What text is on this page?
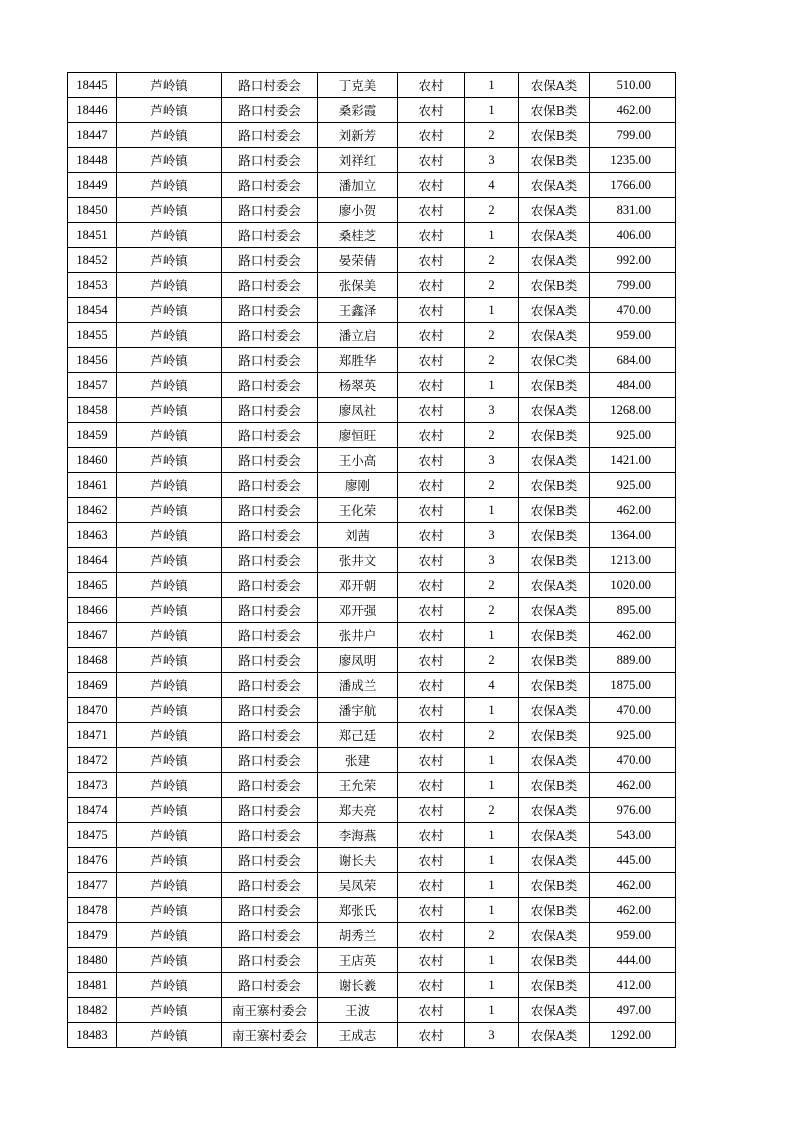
18445	芦岭镇	路口村委会	丁克美	农村	1	农保A类	510.00
18446	芦岭镇	路口村委会	桑彩霞	农村	1	农保B类	462.00
18447	芦岭镇	路口村委会	刘新芳	农村	2	农保B类	799.00
18448	芦岭镇	路口村委会	刘祥红	农村	3	农保B类	1235.00
18449	芦岭镇	路口村委会	潘加立	农村	4	农保A类	1766.00
18450	芦岭镇	路口村委会	廖小贺	农村	2	农保A类	831.00
18451	芦岭镇	路口村委会	桑桂芝	农村	1	农保A类	406.00
18452	芦岭镇	路口村委会	晏荣倩	农村	2	农保A类	992.00
18453	芦岭镇	路口村委会	张保美	农村	2	农保B类	799.00
18454	芦岭镇	路口村委会	王鑫泽	农村	1	农保A类	470.00
18455	芦岭镇	路口村委会	潘立启	农村	2	农保A类	959.00
18456	芦岭镇	路口村委会	郑胜华	农村	2	农保C类	684.00
18457	芦岭镇	路口村委会	杨翠英	农村	1	农保B类	484.00
18458	芦岭镇	路口村委会	廖凤社	农村	3	农保A类	1268.00
18459	芦岭镇	路口村委会	廖恒旺	农村	2	农保B类	925.00
18460	芦岭镇	路口村委会	王小高	农村	3	农保A类	1421.00
18461	芦岭镇	路口村委会	廖刚	农村	2	农保B类	925.00
18462	芦岭镇	路口村委会	王化荣	农村	1	农保B类	462.00
18463	芦岭镇	路口村委会	刘茜	农村	3	农保B类	1364.00
18464	芦岭镇	路口村委会	张井文	农村	3	农保B类	1213.00
18465	芦岭镇	路口村委会	邓开朝	农村	2	农保A类	1020.00
18466	芦岭镇	路口村委会	邓开强	农村	2	农保A类	895.00
18467	芦岭镇	路口村委会	张井户	农村	1	农保B类	462.00
18468	芦岭镇	路口村委会	廖凤明	农村	2	农保B类	889.00
18469	芦岭镇	路口村委会	潘成兰	农村	4	农保B类	1875.00
18470	芦岭镇	路口村委会	潘宇航	农村	1	农保A类	470.00
18471	芦岭镇	路口村委会	郑己廷	农村	2	农保B类	925.00
18472	芦岭镇	路口村委会	张建	农村	1	农保A类	470.00
18473	芦岭镇	路口村委会	王允荣	农村	1	农保B类	462.00
18474	芦岭镇	路口村委会	郑夫亮	农村	2	农保A类	976.00
18475	芦岭镇	路口村委会	李海燕	农村	1	农保A类	543.00
18476	芦岭镇	路口村委会	谢长夫	农村	1	农保A类	445.00
18477	芦岭镇	路口村委会	吴凤荣	农村	1	农保B类	462.00
18478	芦岭镇	路口村委会	郑张氏	农村	1	农保B类	462.00
18479	芦岭镇	路口村委会	胡秀兰	农村	2	农保A类	959.00
18480	芦岭镇	路口村委会	王店英	农村	1	农保B类	444.00
18481	芦岭镇	路口村委会	谢长羲	农村	1	农保B类	412.00
18482	芦岭镇	南王寨村委会	王波	农村	1	农保A类	497.00
18483	芦岭镇	南王寨村委会	王成志	农村	3	农保A类	1292.00
